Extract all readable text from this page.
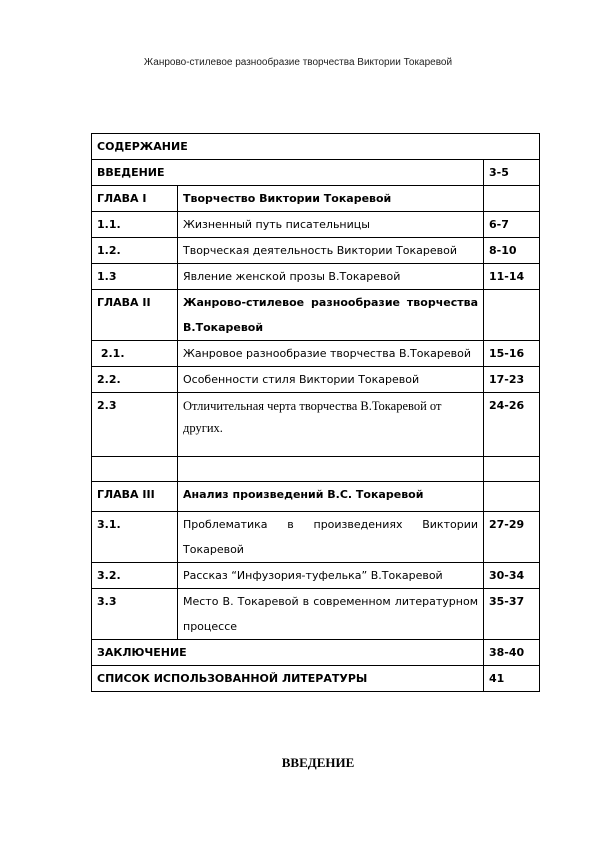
Жанрово-стилевое разнообразие творчества Виктории Токаревой
СОДЕРЖАНИЕ		
ВВЕДЕНИЕ		3-5
ГЛАВА I	Творчество Виктории Токаревой	
1.1.	Жизненный путь писательницы	6-7
1.2.	Творческая деятельность Виктории Токаревой	8-10
1.3	Явление женской прозы В.Токаревой	11-14
ГЛАВА II	Жанрово-стилевое разнообразие творчества В.Токаревой	
2.1.	Жанровое разнообразие творчества В.Токаревой	15-16
2.2.	Особенности стиля Виктории Токаревой	17-23
2.3	Отличительная черта творчества В.Токаревой от других.	24-26

ГЛАВА III	Анализ произведений В.С. Токаревой	
3.1.	Проблематика в произведениях Виктории Токаревой	27-29
3.2.	Рассказ “Инфузория-туфелька” В.Токаревой	30-34
3.3	Место В. Токаревой в современном литературном процессе	35-37
ЗАКЛЮЧЕНИЕ		38-40
СПИСОК ИСПОЛЬЗОВАННОЙ ЛИТЕРАТУРЫ		41
ВВЕДЕНИЕ
